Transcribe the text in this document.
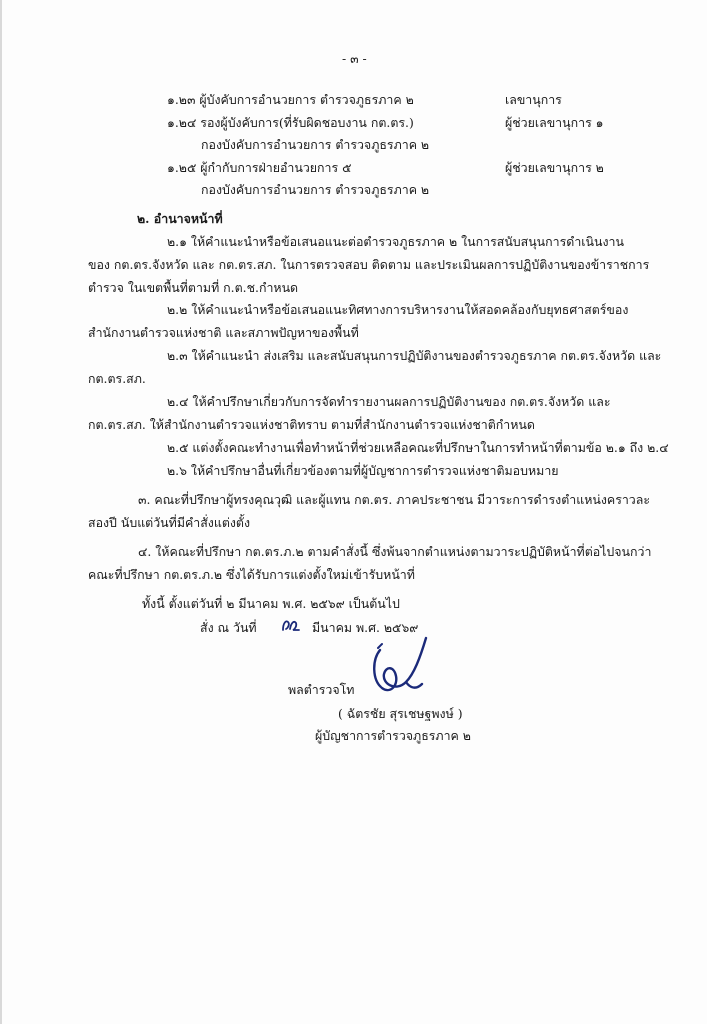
- ๓ -
๑.๒๓ ผู้บังคับการอำนวยการ ตำรวจภูธรภาค ๒	เลขานุการ
๑.๒๔ รองผู้บังคับการ(ที่รับผิดชอบงาน กต.ตร.)	ผู้ช่วยเลขานุการ ๑
กองบังคับการอำนวยการ ตำรวจภูธรภาค ๒
๑.๒๕ ผู้กำกับการฝ่ายอำนวยการ ๕	ผู้ช่วยเลขานุการ ๒
กองบังคับการอำนวยการ ตำรวจภูธรภาค ๒
๒. อำนาจหน้าที่
๒.๑ ให้คำแนะนำหรือข้อเสนอแนะต่อตำรวจภูธรภาค ๒ ในการสนับสนุนการดำเนินงาน
ของ กต.ตร.จังหวัด และ กต.ตร.สภ. ในการตรวจสอบ ติดตาม และประเมินผลการปฏิบัติงานของข้าราชการ
ตำรวจ ในเขตพื้นที่ตามที่ ก.ต.ช.กำหนด
๒.๒ ให้คำแนะนำหรือข้อเสนอแนะทิศทางการบริหารงานให้สอดคล้องกับยุทธศาสตร์ของ
สำนักงานตำรวจแห่งชาติ และสภาพปัญหาของพื้นที่
๒.๓ ให้คำแนะนำ ส่งเสริม และสนับสนุนการปฏิบัติงานของตำรวจภูธรภาค กต.ตร.จังหวัด และ
กต.ตร.สภ.
๒.๔ ให้คำปรึกษาเกี่ยวกับการจัดทำรายงานผลการปฏิบัติงานของ กต.ตร.จังหวัด และ
กต.ตร.สภ. ให้สำนักงานตำรวจแห่งชาติทราบ ตามที่สำนักงานตำรวจแห่งชาติกำหนด
๒.๕ แต่งตั้งคณะทำงานเพื่อทำหน้าที่ช่วยเหลือคณะที่ปรึกษาในการทำหน้าที่ตามข้อ ๒.๑ ถึง ๒.๔
๒.๖ ให้คำปรึกษาอื่นที่เกี่ยวข้องตามที่ผู้บัญชาการตำรวจแห่งชาติมอบหมาย
๓. คณะที่ปรึกษาผู้ทรงคุณวุฒิ และผู้แทน กต.ตร. ภาคประชาชน มีวาระการดำรงตำแหน่งคราวละ
สองปี นับแต่วันที่มีคำสั่งแต่งตั้ง
๔. ให้คณะที่ปรึกษา กต.ตร.ภ.๒ ตามคำสั่งนี้ ซึ่งพ้นจากตำแหน่งตามวาระปฏิบัติหน้าที่ต่อไปจนกว่า
คณะที่ปรึกษา กต.ตร.ภ.๒ ซึ่งได้รับการแต่งตั้งใหม่เข้ารับหน้าที่
ทั้งนี้ ตั้งแต่วันที่ ๒ มีนาคม พ.ศ. ๒๕๖๙ เป็นต้นไป
สั่ง ณ วันที่	มีนาคม พ.ศ. ๒๕๖๙
พลตำรวจโท
( ฉัตรชัย สุรเชษฐพงษ์ )
ผู้บัญชาการตำรวจภูธรภาค ๒
